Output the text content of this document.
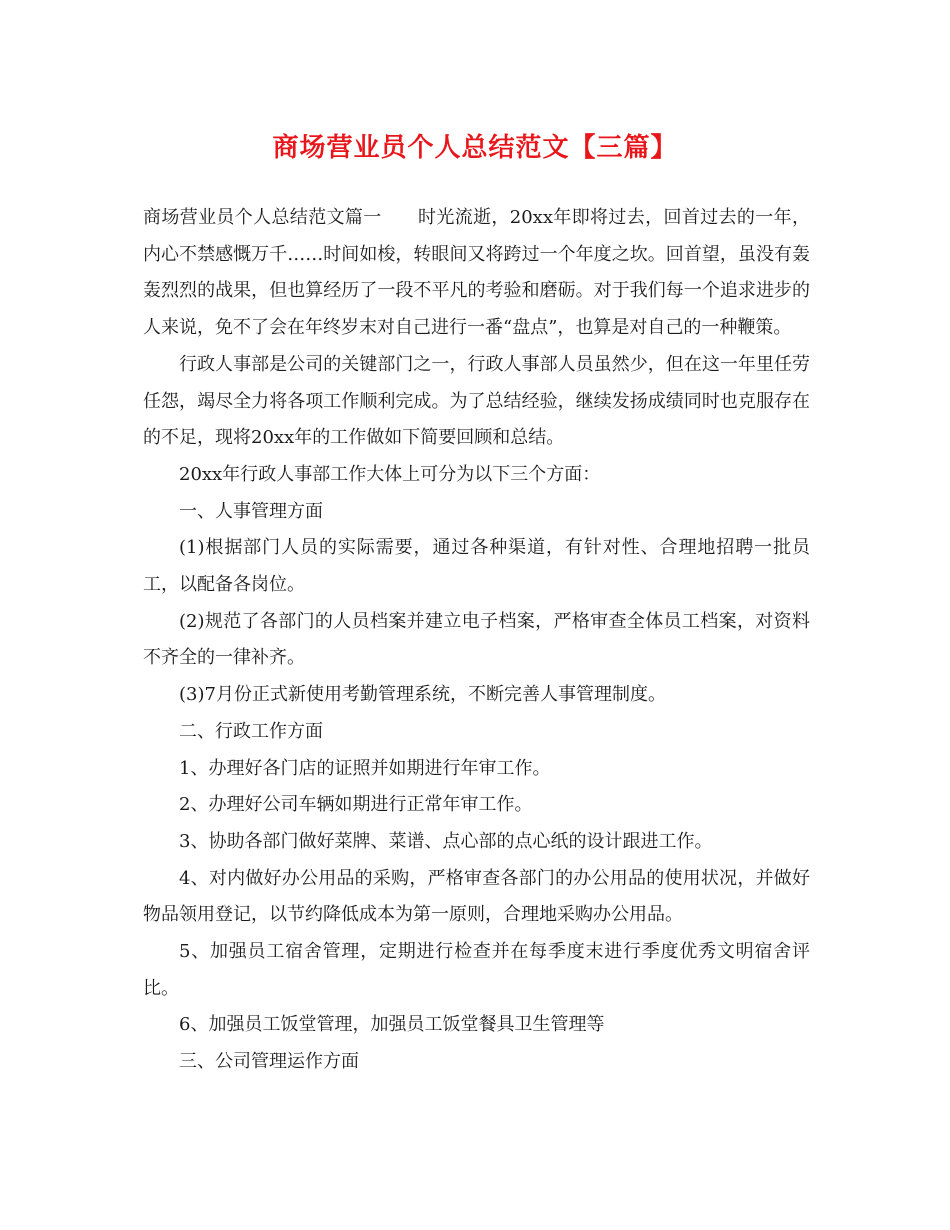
商场营业员个人总结范文【三篇】

商场营业员个人总结范文篇一 时光流逝，20xx年即将过去，回首过去的一年，内心不禁感慨万千……时间如梭，转眼间又将跨过一个年度之坎。回首望，虽没有轰轰烈烈的战果，但也算经历了一段不平凡的考验和磨砺。对于我们每一个追求进步的人来说，免不了会在年终岁末对自己进行一番“盘点”，也算是对自己的一种鞭策。

行政人事部是公司的关键部门之一，行政人事部人员虽然少，但在这一年里任劳任怨，竭尽全力将各项工作顺利完成。为了总结经验，继续发扬成绩同时也克服存在的不足，现将20xx年的工作做如下简要回顾和总结。

20xx年行政人事部工作大体上可分为以下三个方面：

一、人事管理方面

(1)根据部门人员的实际需要，通过各种渠道，有针对性、合理地招聘一批员工，以配备各岗位。

(2)规范了各部门的人员档案并建立电子档案，严格审查全体员工档案，对资料不齐全的一律补齐。

(3)7月份正式新使用考勤管理系统，不断完善人事管理制度。

二、行政工作方面

1、办理好各门店的证照并如期进行年审工作。

2、办理好公司车辆如期进行正常年审工作。

3、协助各部门做好菜牌、菜谱、点心部的点心纸的设计跟进工作。

4、对内做好办公用品的采购，严格审查各部门的办公用品的使用状况，并做好物品领用登记，以节约降低成本为第一原则，合理地采购办公用品。

5、加强员工宿舍管理，定期进行检查并在每季度末进行季度优秀文明宿舍评比。

6、加强员工饭堂管理，加强员工饭堂餐具卫生管理等

三、公司管理运作方面
